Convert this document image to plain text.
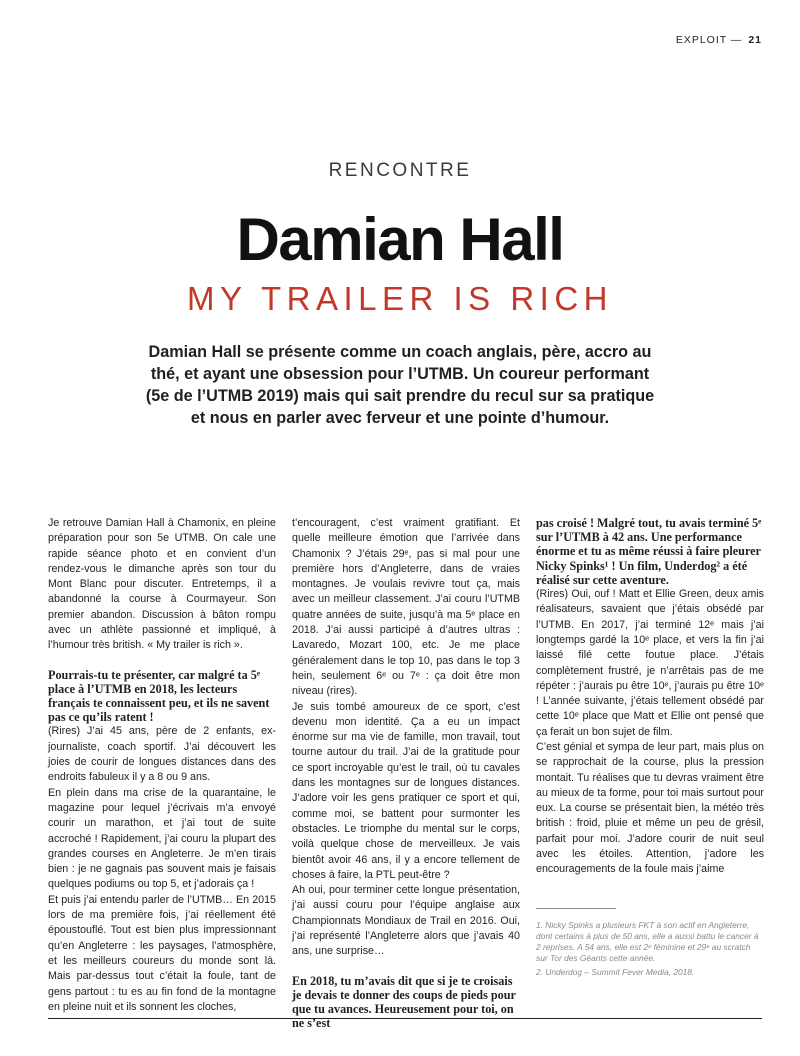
EXPLOIT — 21
RENCONTRE
Damian Hall
MY TRAILER IS RICH
Damian Hall se présente comme un coach anglais, père, accro au thé, et ayant une obsession pour l’UTMB. Un coureur performant (5e de l’UTMB 2019) mais qui sait prendre du recul sur sa pratique et nous en parler avec ferveur et une pointe d’humour.

Je retrouve Damian Hall à Chamonix, en pleine préparation pour son 5e UTMB. On cale une rapide séance photo et en convient d’un rendez-vous le dimanche après son tour du Mont Blanc pour discuter. Entretemps, il a abandonné la course à Courmayeur. Son premier abandon. Discussion à bâton rompu avec un athlète passionné et impliqué, à l’humour très british. « My trailer is rich ».

Pourrais-tu te présenter, car malgré ta 5ᵉ place à l’UTMB en 2018, les lecteurs français te connaissent peu, et ils ne savent pas ce qu’ils ratent !

(Rires) J’ai 45 ans, père de 2 enfants, ex-journaliste, coach sportif. J’ai découvert les joies de courir de longues distances dans des endroits fabuleux il y a 8 ou 9 ans.

En plein dans ma crise de la quarantaine, le magazine pour lequel j’écrivais m’a envoyé courir un marathon, et j’ai tout de suite accroché ! Rapidement, j’ai couru la plupart des grandes courses en Angleterre. Je m’en tirais bien : je ne gagnais pas souvent mais je faisais quelques podiums ou top 5, et j’adorais ça !

Et puis j’ai entendu parler de l’UTMB… En 2015 lors de ma première fois, j’ai réellement été époustouflé. Tout est bien plus impressionnant qu’en Angleterre : les paysages, l’atmosphère, et les meilleurs coureurs du monde sont là. Mais par-dessus tout c’était la foule, tant de gens partout : tu es au fin fond de la montagne en pleine nuit et ils sonnent les cloches,

t’encouragent, c’est vraiment gratifiant. Et quelle meilleure émotion que l’arrivée dans Chamonix ? J’étais 29ᵉ, pas si mal pour une première hors d’Angleterre, dans de vraies montagnes. Je voulais revivre tout ça, mais avec un meilleur classement. J’ai couru l’UTMB quatre années de suite, jusqu’à ma 5ᵉ place en 2018. J’ai aussi participé à d’autres ultras : Lavaredo, Mozart 100, etc. Je me place généralement dans le top 10, pas dans le top 3 hein, seulement 6ᵉ ou 7ᵉ : ça doit être mon niveau (rires).

Je suis tombé amoureux de ce sport, c’est devenu mon identité. Ça a eu un impact énorme sur ma vie de famille, mon travail, tout tourne autour du trail. J’ai de la gratitude pour ce sport incroyable qu’est le trail, où tu cavales dans les montagnes sur de longues distances. J’adore voir les gens pratiquer ce sport et qui, comme moi, se battent pour surmonter les obstacles. Le triomphe du mental sur le corps, voilà quelque chose de merveilleux. Je vais bientôt avoir 46 ans, il y a encore tellement de choses à faire, la PTL peut-être ?

Ah oui, pour terminer cette longue présentation, j’ai aussi couru pour l’équipe anglaise aux Championnats Mondiaux de Trail en 2016. Oui, j’ai représenté l’Angleterre alors que j’avais 40 ans, une surprise…

En 2018, tu m’avais dit que si je te croisais je devais te donner des coups de pieds pour que tu avances. Heureusement pour toi, on ne s’est

pas croisé ! Malgré tout, tu avais terminé 5ᵉ sur l’UTMB à 42 ans. Une performance énorme et tu as même réussi à faire pleurer Nicky Spinks¹ ! Un film, Underdog² a été réalisé sur cette aventure.

(Rires) Oui, ouf ! Matt et Ellie Green, deux amis réalisateurs, savaient que j’étais obsédé par l’UTMB. En 2017, j’ai terminé 12ᵉ mais j’ai longtemps gardé la 10ᵉ place, et vers la fin j’ai laissé filé cette foutue place. J’étais complètement frustré, je n’arrêtais pas de me répéter : j’aurais pu être 10ᵉ, j’aurais pu être 10ᵉ ! L’année suivante, j’étais tellement obsédé par cette 10ᵉ place que Matt et Ellie ont pensé que ça ferait un bon sujet de film.

C’est génial et sympa de leur part, mais plus on se rapprochait de la course, plus la pression montait. Tu réalises que tu devras vraiment être au mieux de ta forme, pour toi mais surtout pour eux. La course se présentait bien, la météo très british : froid, pluie et même un peu de grésil, parfait pour moi. J’adore courir de nuit seul avec les étoiles. Attention, j’adore les encouragements de la foule mais j’aime

1. Nicky Spinks a plusieurs FKT à son actif en Angleterre, dont certains à plus de 50 ans, elle a aussi battu le cancer à 2 reprises. A 54 ans, elle est 2ᵉ féminine et 29ᵉ au scratch sur Tor des Géants cette année.

2. Underdog – Summit Fever Media, 2018.
